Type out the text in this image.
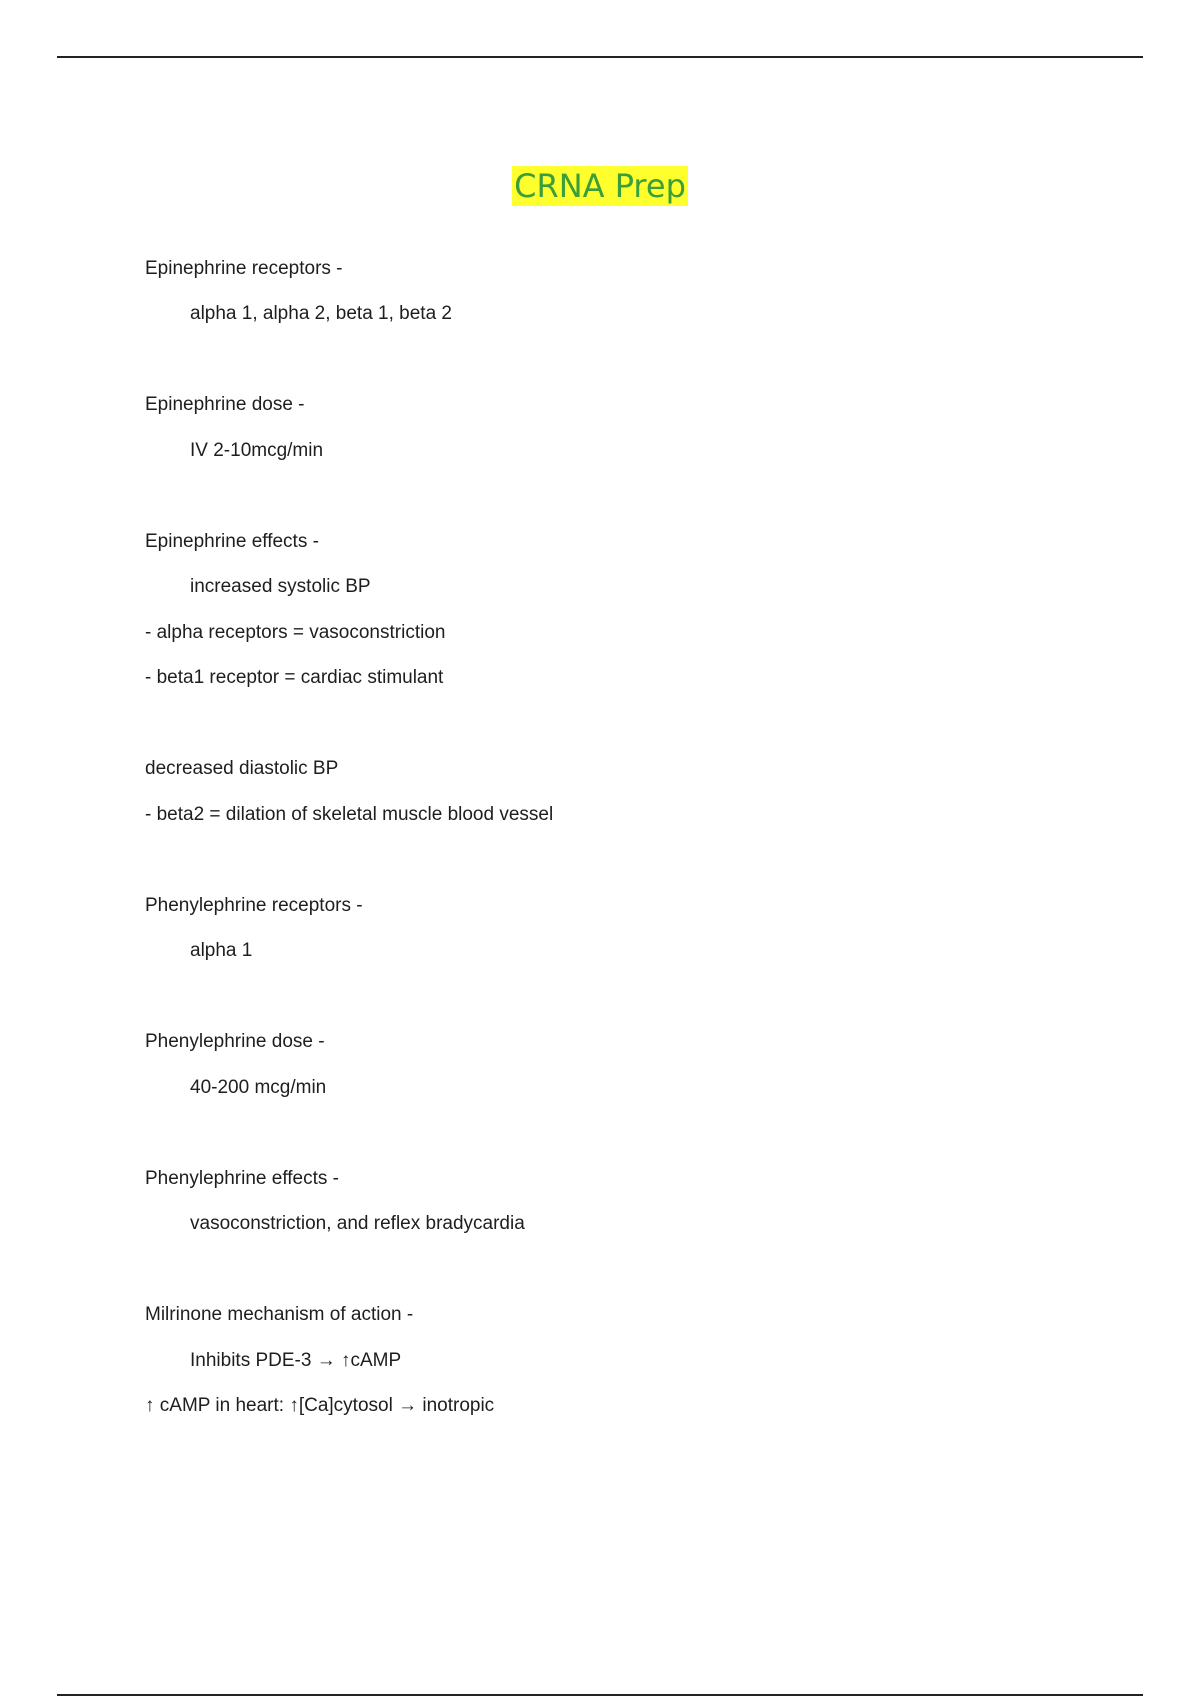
CRNA Prep
Epinephrine receptors -
alpha 1, alpha 2, beta 1, beta 2
Epinephrine dose -
IV 2-10mcg/min
Epinephrine effects -
increased systolic BP
- alpha receptors = vasoconstriction
- beta1 receptor = cardiac stimulant
decreased diastolic BP
- beta2 = dilation of skeletal muscle blood vessel
Phenylephrine receptors -
alpha 1
Phenylephrine dose -
40-200 mcg/min
Phenylephrine effects -
vasoconstriction, and reflex bradycardia
Milrinone mechanism of action -
Inhibits PDE-3 → ↑cAMP
↑ cAMP in heart: ↑[Ca]cytosol → inotropic
